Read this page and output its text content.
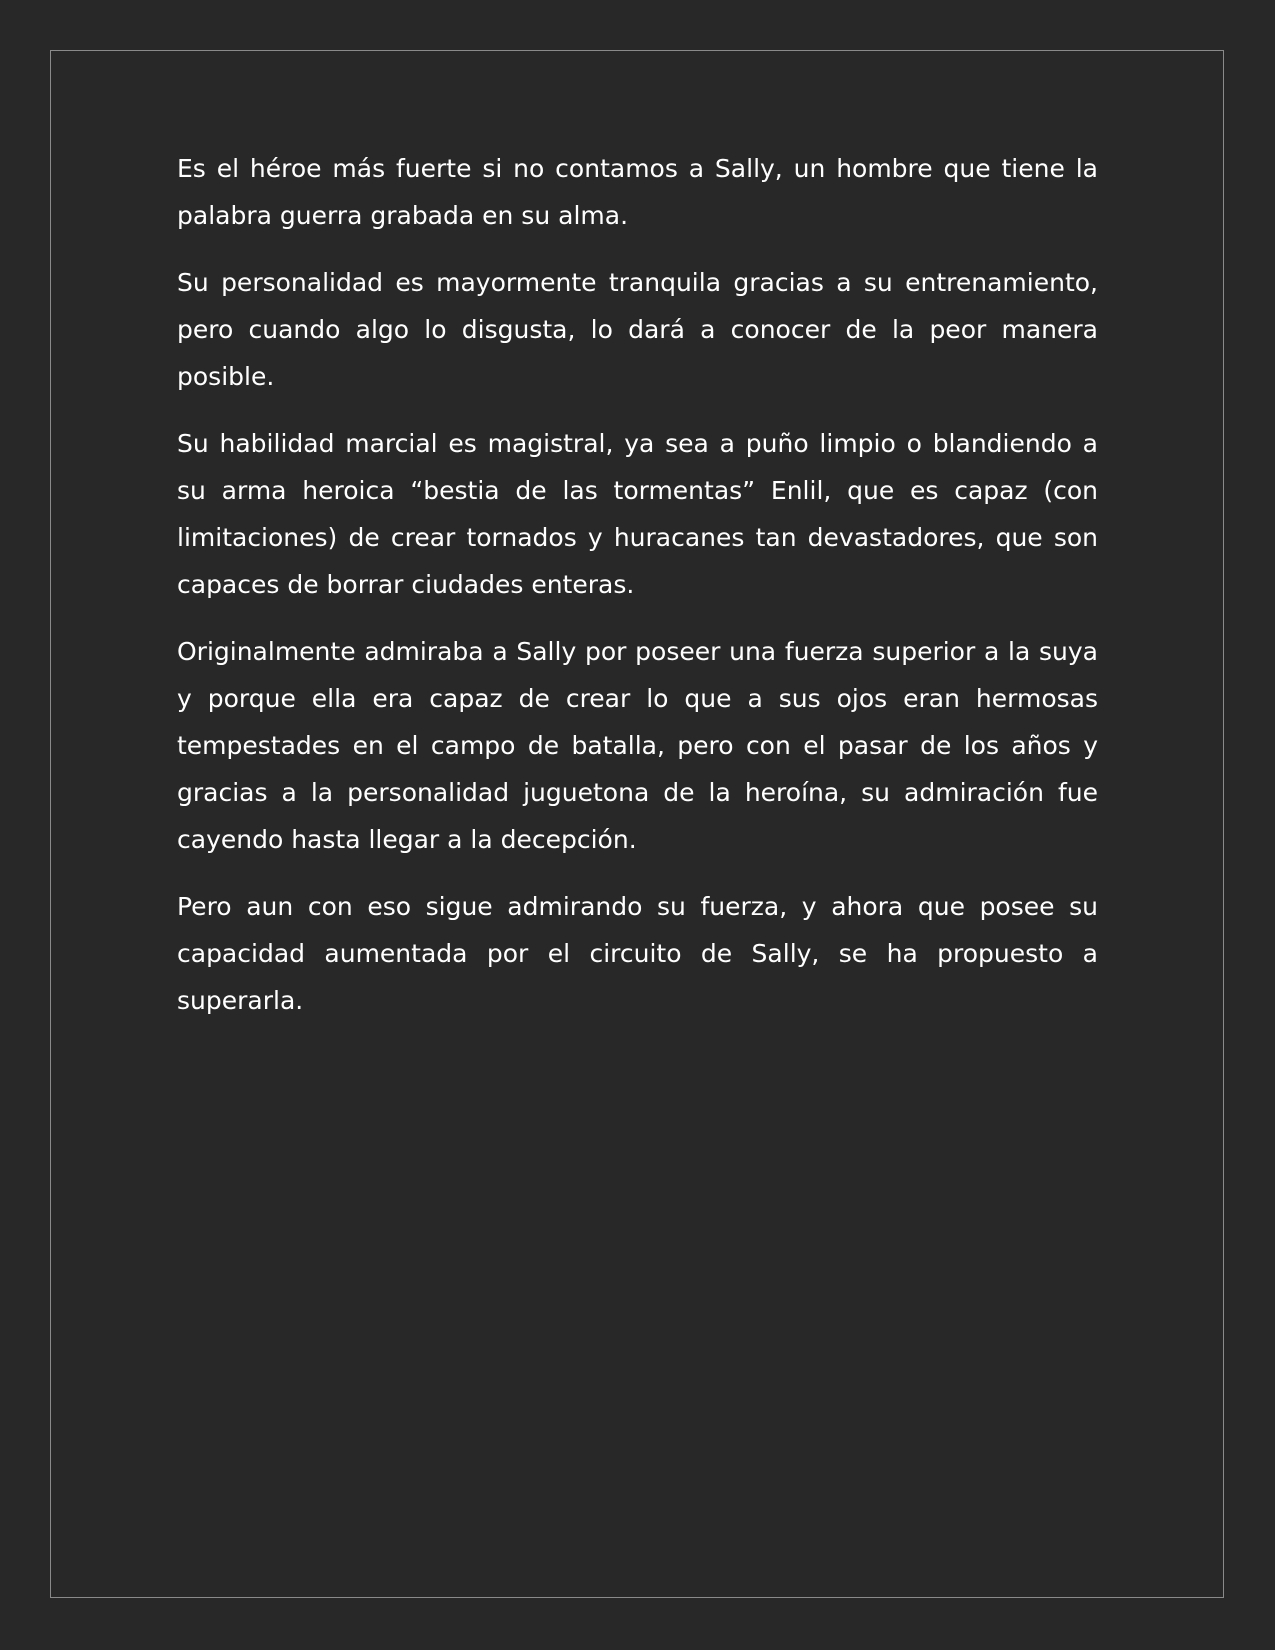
Es el héroe más fuerte si no contamos a Sally, un hombre que tiene la palabra guerra grabada en su alma.

Su personalidad es mayormente tranquila gracias a su entrenamiento, pero cuando algo lo disgusta, lo dará a conocer de la peor manera posible.

Su habilidad marcial es magistral, ya sea a puño limpio o blandiendo a su arma heroica “bestia de las tormentas” Enlil, que es capaz (con limitaciones) de crear tornados y huracanes tan devastadores, que son capaces de borrar ciudades enteras.

Originalmente admiraba a Sally por poseer una fuerza superior a la suya y porque ella era capaz de crear lo que a sus ojos eran hermosas tempestades en el campo de batalla, pero con el pasar de los años y gracias a la personalidad juguetona de la heroína, su admiración fue cayendo hasta llegar a la decepción.

Pero aun con eso sigue admirando su fuerza, y ahora que posee su capacidad aumentada por el circuito de Sally, se ha propuesto a superarla.
